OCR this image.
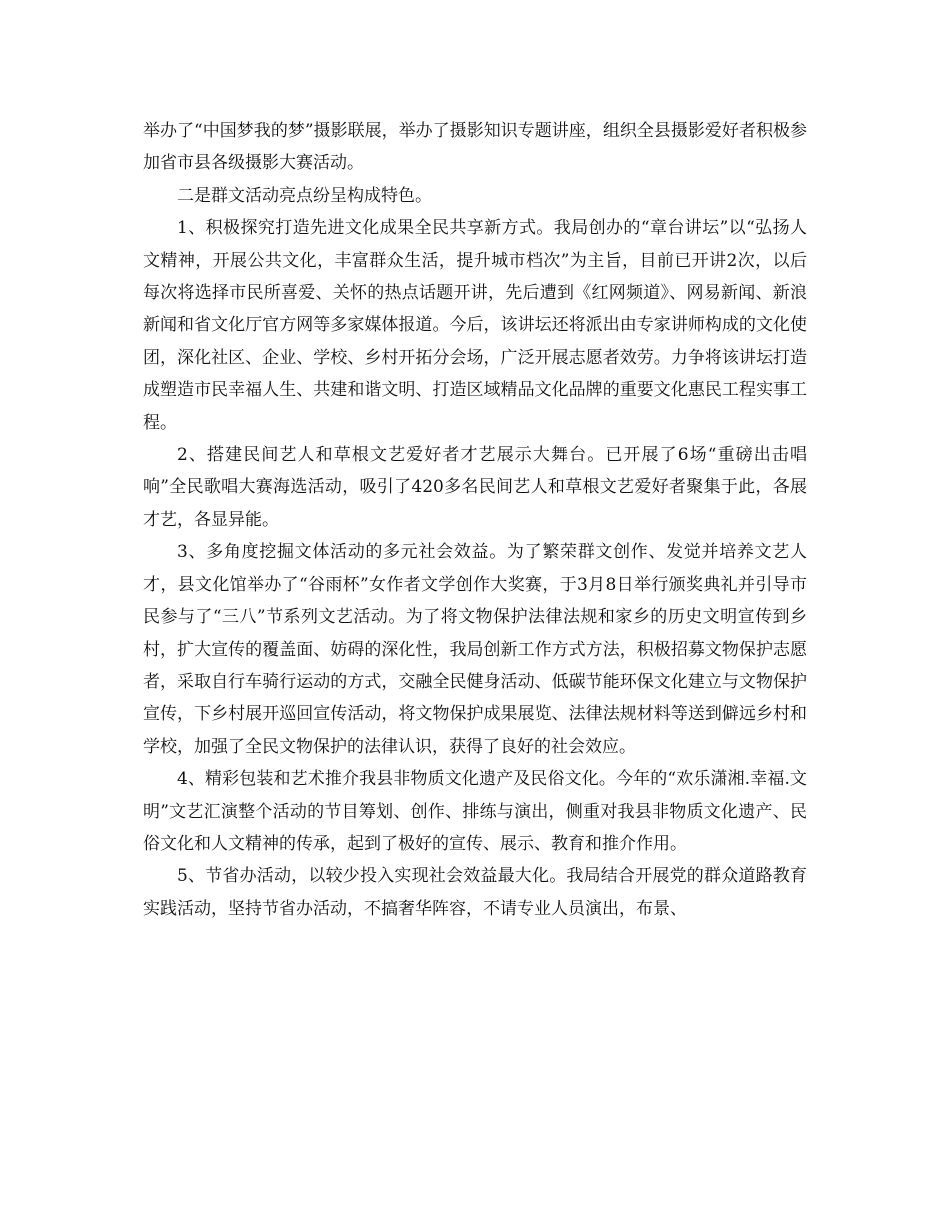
举办了“中国梦我的梦”摄影联展，举办了摄影知识专题讲座，组织全县摄影爱好者积极参加省市县各级摄影大赛活动。

二是群文活动亮点纷呈构成特色。

1、积极探究打造先进文化成果全民共享新方式。我局创办的“章台讲坛”以“弘扬人文精神，开展公共文化，丰富群众生活，提升城市档次”为主旨，目前已开讲2次，以后每次将选择市民所喜爱、关怀的热点话题开讲，先后遭到《红网频道》、网易新闻、新浪新闻和省文化厅官方网等多家媒体报道。今后，该讲坛还将派出由专家讲师构成的文化使团，深化社区、企业、学校、乡村开拓分会场，广泛开展志愿者效劳。力争将该讲坛打造成塑造市民幸福人生、共建和谐文明、打造区域精品文化品牌的重要文化惠民工程实事工程。

2、搭建民间艺人和草根文艺爱好者才艺展示大舞台。已开展了6场“重磅出击唱响”全民歌唱大赛海选活动，吸引了420多名民间艺人和草根文艺爱好者聚集于此，各展才艺，各显异能。

3、多角度挖掘文体活动的多元社会效益。为了繁荣群文创作、发觉并培养文艺人才，县文化馆举办了“谷雨杯”女作者文学创作大奖赛，于3月8日举行颁奖典礼并引导市民参与了“三八”节系列文艺活动。为了将文物保护法律法规和家乡的历史文明宣传到乡村，扩大宣传的覆盖面、妨碍的深化性，我局创新工作方式方法，积极招募文物保护志愿者，采取自行车骑行运动的方式，交融全民健身活动、低碳节能环保文化建立与文物保护宣传，下乡村展开巡回宣传活动，将文物保护成果展览、法律法规材料等送到僻远乡村和学校，加强了全民文物保护的法律认识，获得了良好的社会效应。

4、精彩包装和艺术推介我县非物质文化遗产及民俗文化。今年的“欢乐潇湘.幸福.文明”文艺汇演整个活动的节目筹划、创作、排练与演出，侧重对我县非物质文化遗产、民俗文化和人文精神的传承，起到了极好的宣传、展示、教育和推介作用。

5、节省办活动，以较少投入实现社会效益最大化。我局结合开展党的群众道路教育实践活动，坚持节省办活动，不搞奢华阵容，不请专业人员演出，布景、
